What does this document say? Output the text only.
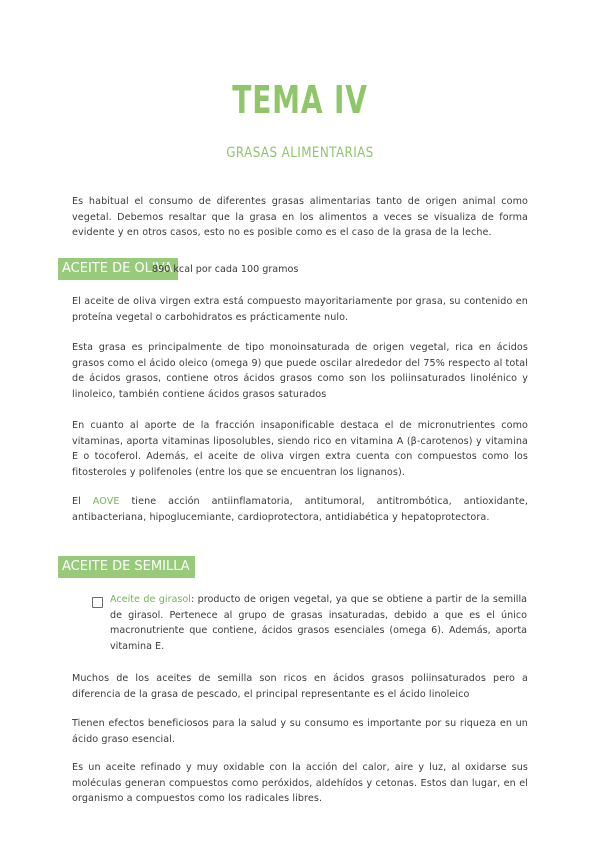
TEMA IV
GRASAS ALIMENTARIAS
Es habitual el consumo de diferentes grasas alimentarias tanto de origen animal como vegetal. Debemos resaltar que la grasa en los alimentos a veces se visualiza de forma evidente y en otros casos, esto no es posible como es el caso de la grasa de la leche.
ACEITE DE OLIVA
890 kcal por cada 100 gramos
El aceite de oliva virgen extra está compuesto mayoritariamente por grasa, su contenido en proteína vegetal o carbohidratos es prácticamente nulo.
Esta grasa es principalmente de tipo monoinsaturada de origen vegetal, rica en ácidos grasos como el ácido oleico (omega 9) que puede oscilar alrededor del 75% respecto al total de ácidos grasos, contiene otros ácidos grasos como son los poliinsaturados linolénico y linoleico, también contiene ácidos grasos saturados
En cuanto al aporte de la fracción insaponificable destaca el de micronutrientes como vitaminas, aporta vitaminas liposolubles, siendo rico en vitamina A (β-carotenos) y vitamina E o tocoferol. Además, el aceite de oliva virgen extra cuenta con compuestos como los fitosteroles y polifenoles (entre los que se encuentran los lignanos).
El AOVE tiene acción antiinflamatoria, antitumoral, antitrombótica, antioxidante, antibacteriana, hipoglucemiante, cardioprotectora, antidiabética y hepatoprotectora.
ACEITE DE SEMILLA
Aceite de girasol: producto de origen vegetal, ya que se obtiene a partir de la semilla de girasol. Pertenece al grupo de grasas insaturadas, debido a que es el único macronutriente que contiene, ácidos grasos esenciales (omega 6). Además, aporta vitamina E.
Muchos de los aceites de semilla son ricos en ácidos grasos poliinsaturados pero a diferencia de la grasa de pescado, el principal representante es el ácido linoleico
Tienen efectos beneficiosos para la salud y su consumo es importante por su riqueza en un ácido graso esencial.
Es un aceite refinado y muy oxidable con la acción del calor, aire y luz, al oxidarse sus moléculas generan compuestos como peróxidos, aldehídos y cetonas. Estos dan lugar, en el organismo a compuestos como los radicales libres.
